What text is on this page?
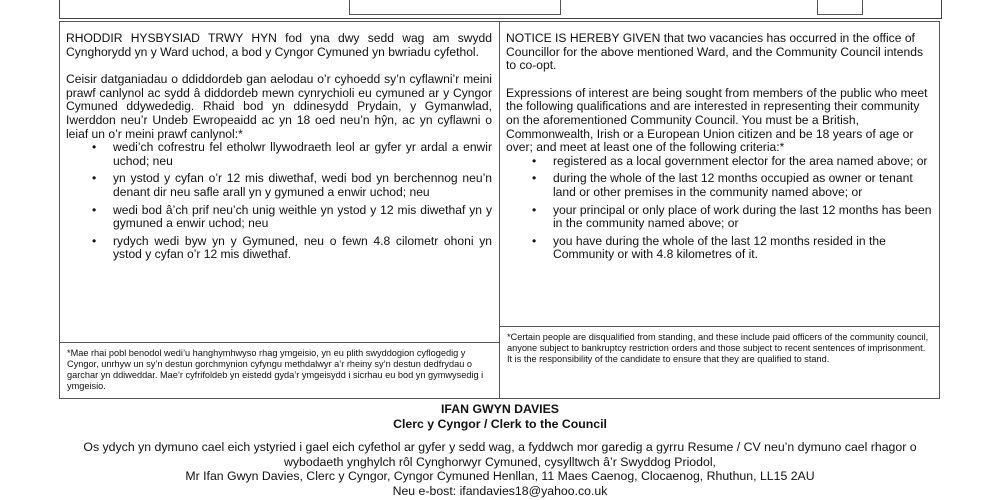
RHODDIR HYSBYSIAD TRWY HYN fod yna dwy sedd wag am swydd Cynghorydd yn y Ward uchod, a bod y Cyngor Cymuned yn bwriadu cyfethol.

Ceisir datganiadau o ddiddordeb gan aelodau o’r cyhoedd sy’n cyflawni’r meini prawf canlynol ac sydd â diddordeb mewn cynrychioli eu cymuned ar y Cyngor Cymuned ddywededig. Rhaid bod yn ddinesydd Prydain, y Gymanwlad, Iwerddon neu’r Undeb Ewropeaidd ac yn 18 oed neu’n hŷn, ac yn cyflawni o leiaf un o’r meini prawf canlynol:*

• wedi’ch cofrestru fel etholwr llywodraeth leol ar gyfer yr ardal a enwir uchod; neu
• yn ystod y cyfan o’r 12 mis diwethaf, wedi bod yn berchennog neu’n denant dir neu safle arall yn y gymuned a enwir uchod; neu
• wedi bod â’ch prif neu’ch unig weithle yn ystod y 12 mis diwethaf yn y gymuned a enwir uchod; neu
• rydych wedi byw yn y Gymuned, neu o fewn 4.8 cilometr ohoni yn ystod y cyfan o’r 12 mis diwethaf.
*Mae rhai pobl benodol wedi’u hanghymhwyso rhag ymgeisio, yn eu plith swyddogion cyflogedig y Cyngor, unrhyw un sy’n destun gorchmynion cyfyngu methdalwyr a’r rheiny sy’n destun dedfrydau o garchar yn ddiweddar. Mae’r cyfrifoldeb yn eistedd gyda’r ymgeisydd i sicrhau eu bod yn gymwysedig i ymgeisio.

NOTICE IS HEREBY GIVEN that two vacancies has occurred in the office of Councillor for the above mentioned Ward, and the Community Council intends to co-opt.

Expressions of interest are being sought from members of the public who meet the following qualifications and are interested in representing their community on the aforementioned Community Council. You must be a British, Commonwealth, Irish or a European Union citizen and be 18 years of age or over; and meet at least one of the following criteria:*

• registered as a local government elector for the area named above; or
• during the whole of the last 12 months occupied as owner or tenant land or other premises in the community named above; or
• your principal or only place of work during the last 12 months has been in the community named above; or
• you have during the whole of the last 12 months resided in the Community or with 4.8 kilometres of it.
*Certain people are disqualified from standing, and these include paid officers of the community council, anyone subject to bankruptcy restriction orders and those subject to recent sentences of imprisonment. It is the responsibility of the candidate to ensure that they are qualified to stand.
IFAN GWYN DAVIES
Clerc y Cyngor / Clerk to the Council
Os ydych yn dymuno cael eich ystyried i gael eich cyfethol ar gyfer y sedd wag, a fyddwch mor garedig a gyrru Resume / CV neu’n dymuno cael rhagor o
wybodaeth ynghylch rôl Cynghorwyr Cymuned, cysylltwch â’r Swyddog Priodol,
Mr Ifan Gwyn Davies, Clerc y Cyngor, Cyngor Cymuned Henllan, 11 Maes Caenog, Clocaenog, Rhuthun, LL15 2AU
Neu e-bost: ifandavies18@yahoo.co.uk
